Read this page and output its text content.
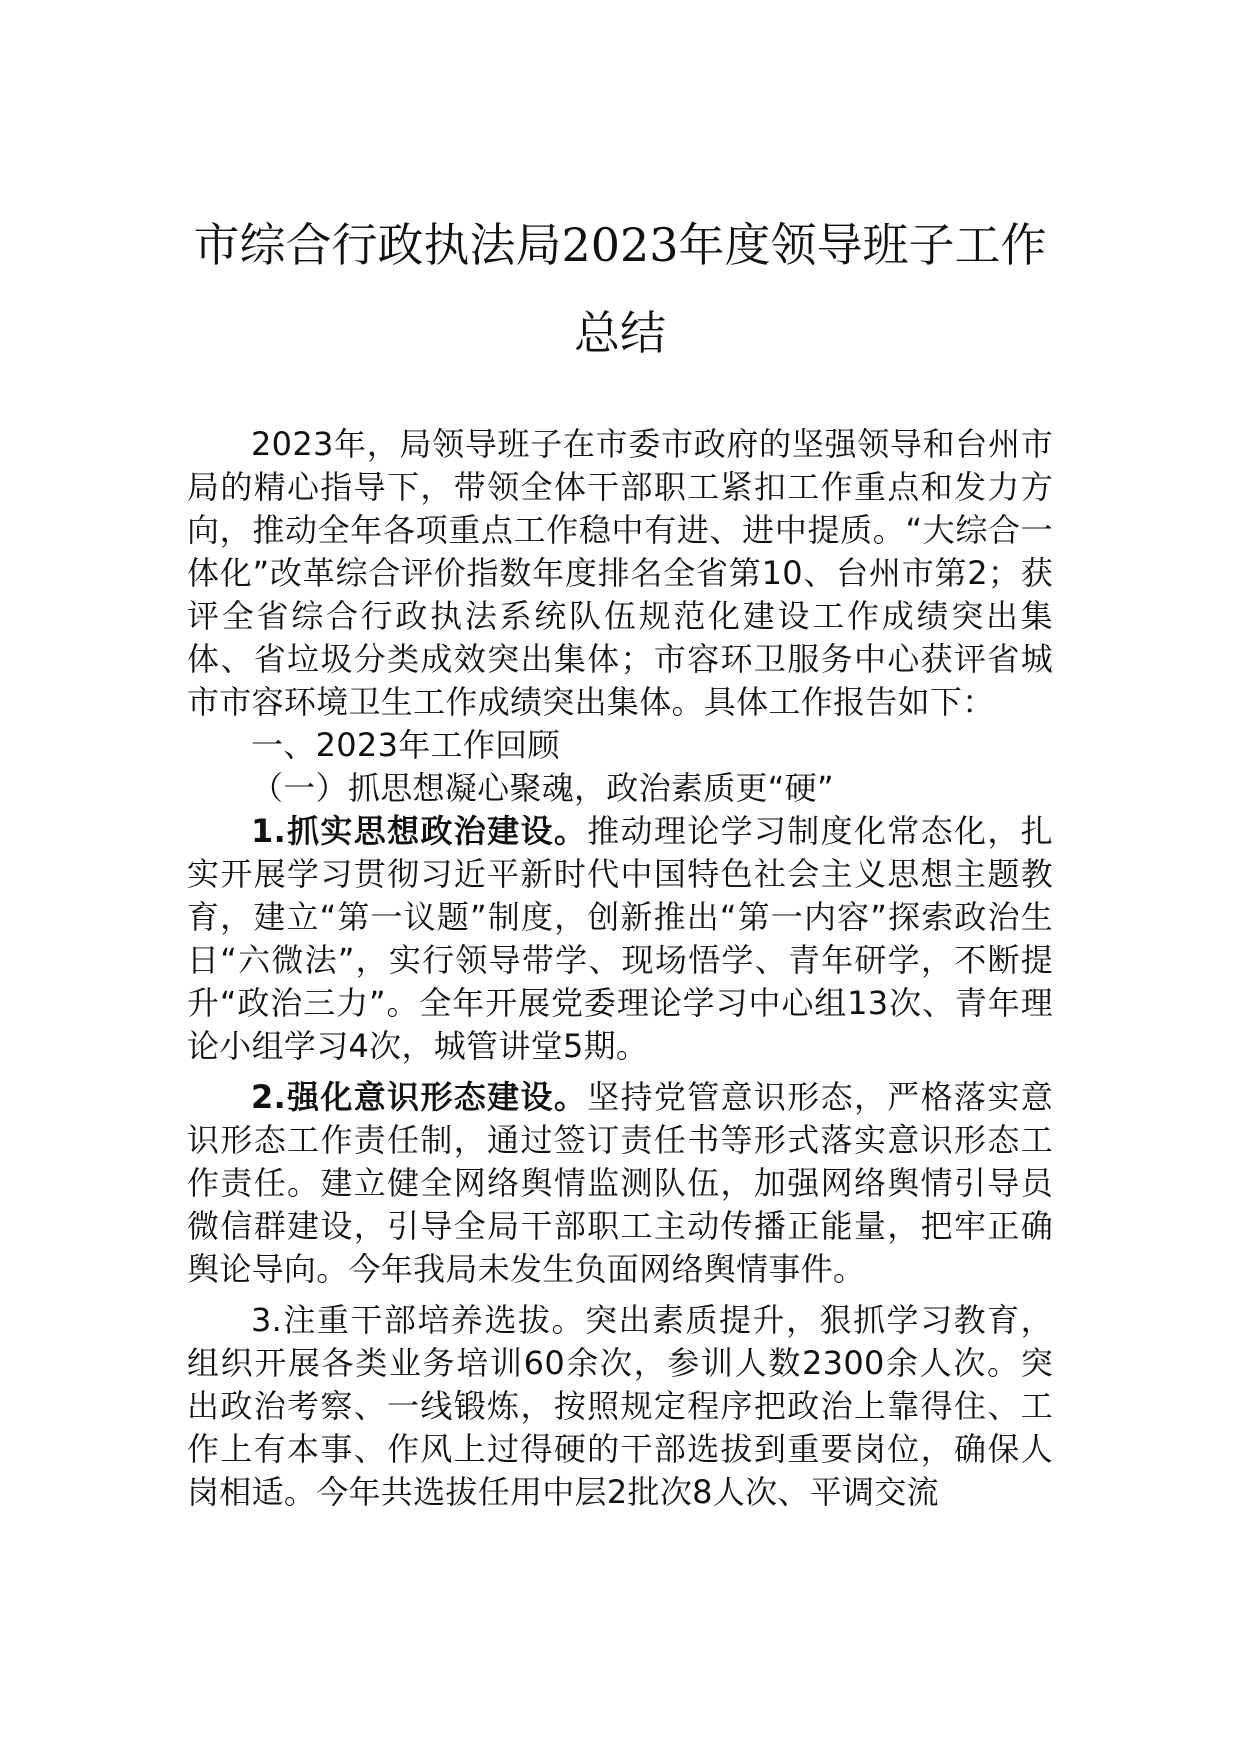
市综合行政执法局2023年度领导班子工作
总结

2023年，局领导班子在市委市政府的坚强领导和台州市局的精心指导下，带领全体干部职工紧扣工作重点和发力方向，推动全年各项重点工作稳中有进、进中提质。“大综合一体化”改革综合评价指数年度排名全省第10、台州市第2；获评全省综合行政执法系统队伍规范化建设工作成绩突出集体、省垃圾分类成效突出集体；市容环卫服务中心获评省城市市容环境卫生工作成绩突出集体。具体工作报告如下：

一、2023年工作回顾

（一）抓思想凝心聚魂，政治素质更“硬”

1.抓实思想政治建设。推动理论学习制度化常态化，扎实开展学习贯彻习近平新时代中国特色社会主义思想主题教育，建立“第一议题”制度，创新推出“第一内容”探索政治生日“六微法”，实行领导带学、现场悟学、青年研学，不断提升“政治三力”。全年开展党委理论学习中心组13次、青年理论小组学习4次，城管讲堂5期。

2.强化意识形态建设。坚持党管意识形态，严格落实意识形态工作责任制，通过签订责任书等形式落实意识形态工作责任。建立健全网络舆情监测队伍，加强网络舆情引导员微信群建设，引导全局干部职工主动传播正能量，把牢正确舆论导向。今年我局未发生负面网络舆情事件。

3.注重干部培养选拔。突出素质提升，狠抓学习教育，组织开展各类业务培训60余次，参训人数2300余人次。突出政治考察、一线锻炼，按照规定程序把政治上靠得住、工作上有本事、作风上过得硬的干部选拔到重要岗位，确保人岗相适。今年共选拔任用中层2批次8人次、平调交流
